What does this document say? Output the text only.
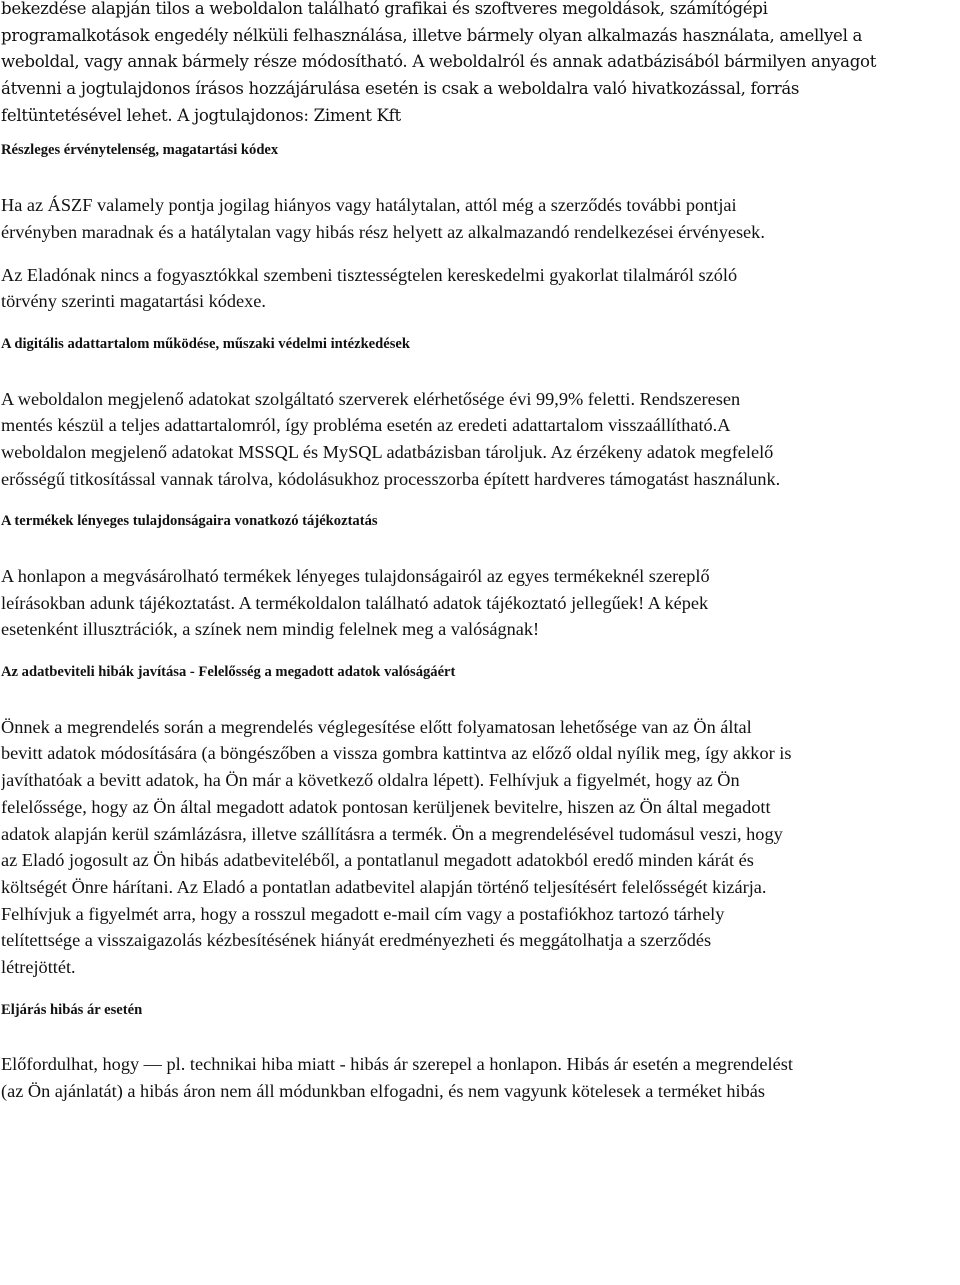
bekezdése alapján tilos a weboldalon található grafikai és szoftveres megoldások, számítógépi

programalkotások engedély nélküli felhasználása, illetve bármely olyan alkalmazás használata, amellyel a

weboldal, vagy annak bármely része módosítható. A weboldalról és annak adatbázisából bármilyen anyagot

átvenni a jogtulajdonos írásos hozzájárulása esetén is csak a weboldalra való hivatkozással, forrás

feltüntetésével lehet. A jogtulajdonos: Ziment Kft

Részleges érvénytelenség, magatartási kódex

Ha az ÁSZF valamely pontja jogilag hiányos vagy hatálytalan, attól még a szerződés további pontjai

érvényben maradnak és a hatálytalan vagy hibás rész helyett az alkalmazandó rendelkezései érvényesek.

Az Eladónak nincs a fogyasztókkal szembeni tisztességtelen kereskedelmi gyakorlat tilalmáról szóló

törvény szerinti magatartási kódexe.

A digitális adattartalom működése, műszaki védelmi intézkedések

A weboldalon megjelenő adatokat szolgáltató szerverek elérhetősége évi 99,9% feletti. Rendszeresen

mentés készül a teljes adattartalomról, így probléma esetén az eredeti adattartalom visszaállítható.A

weboldalon megjelenő adatokat MSSQL és MySQL adatbázisban tároljuk. Az érzékeny adatok megfelelő

erősségű titkosítással vannak tárolva, kódolásukhoz processzorba épített hardveres támogatást használunk.

A termékek lényeges tulajdonságaira vonatkozó tájékoztatás

A honlapon a megvásárolható termékek lényeges tulajdonságairól az egyes termékeknél szereplő

leírásokban adunk tájékoztatást. A termékoldalon található adatok tájékoztató jellegűek! A képek

esetenként illusztrációk, a színek nem mindig felelnek meg a valóságnak!

Az adatbeviteli hibák javítása - Felelősség a megadott adatok valóságáért

Önnek a megrendelés során a megrendelés véglegesítése előtt folyamatosan lehetősége van az Ön által

bevitt adatok módosítására (a böngészőben a vissza gombra kattintva az előző oldal nyílik meg, így akkor is

javíthatóak a bevitt adatok, ha Ön már a következő oldalra lépett). Felhívjuk a figyelmét, hogy az Ön

felelőssége, hogy az Ön által megadott adatok pontosan kerüljenek bevitelre, hiszen az Ön által megadott

adatok alapján kerül számlázásra, illetve szállításra a termék. Ön a megrendelésével tudomásul veszi, hogy

az Eladó jogosult az Ön hibás adatbeviteléből, a pontatlanul megadott adatokból eredő minden kárát és

költségét Önre hárítani. Az Eladó a pontatlan adatbevitel alapján történő teljesítésért felelősségét kizárja.

Felhívjuk a figyelmét arra, hogy a rosszul megadott e-mail cím vagy a postafiókhoz tartozó tárhely

telítettsége a visszaigazolás kézbesítésének hiányát eredményezheti és meggátolhatja a szerződés

létrejöttét.

Eljárás hibás ár esetén

Előfordulhat, hogy — pl. technikai hiba miatt - hibás ár szerepel a honlapon. Hibás ár esetén a megrendelést

(az Ön ajánlatát) a hibás áron nem áll módunkban elfogadni, és nem vagyunk kötelesek a terméket hibás
